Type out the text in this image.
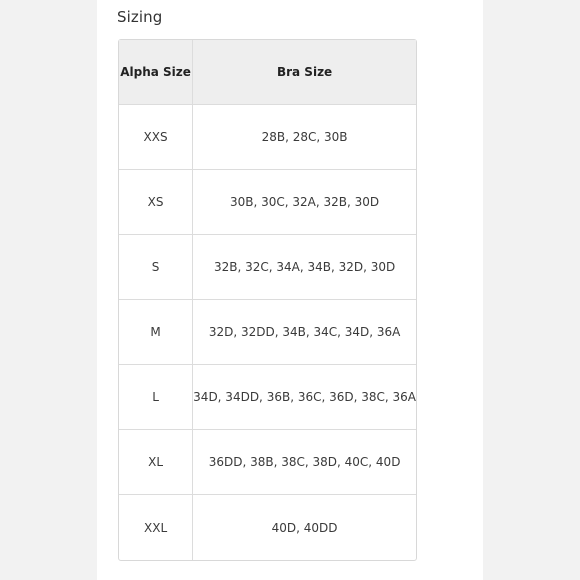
Sizing
Alpha Size	Bra Size
XXS	28B, 28C, 30B
XS	30B, 30C, 32A, 32B, 30D
S	32B, 32C, 34A, 34B, 32D, 30D
M	32D, 32DD, 34B, 34C, 34D, 36A
L	34D, 34DD, 36B, 36C, 36D, 38C, 36A
XL	36DD, 38B, 38C, 38D, 40C, 40D
XXL	40D, 40DD
